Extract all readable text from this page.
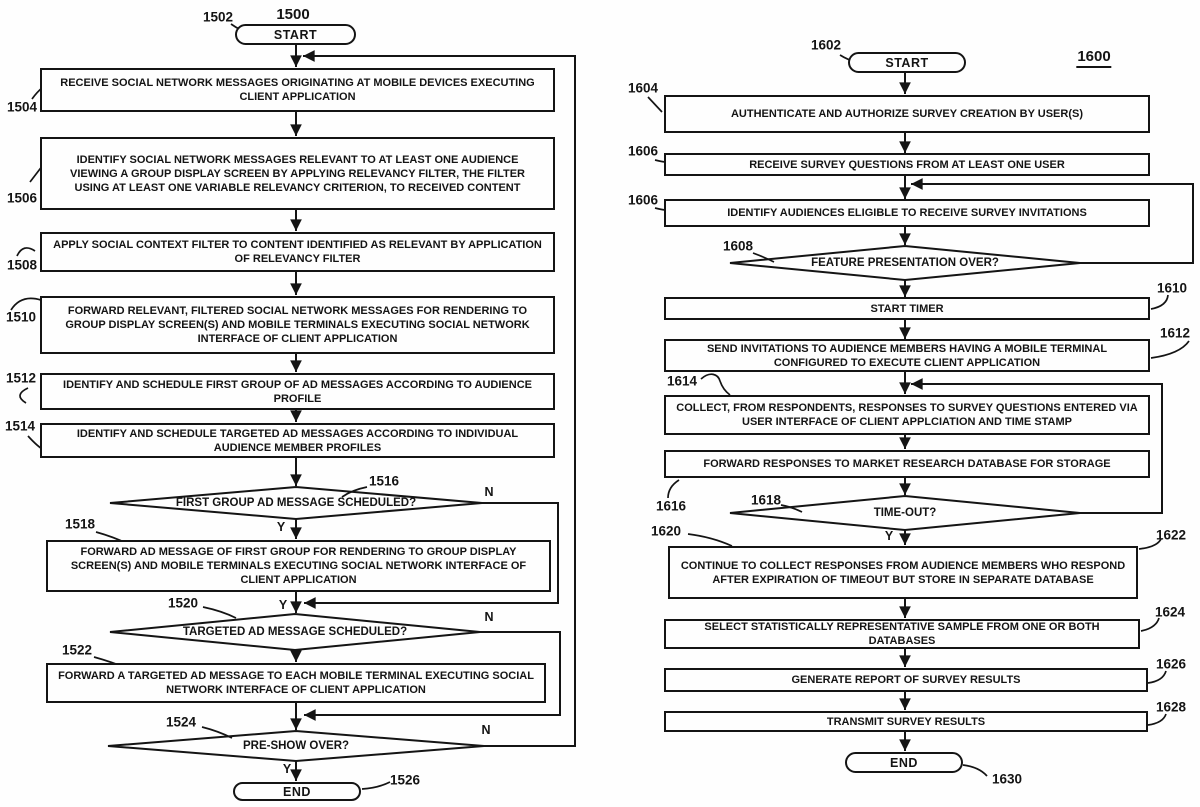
1500
1502
START
RECEIVE SOCIAL NETWORK MESSAGES ORIGINATING AT MOBILE DEVICES EXECUTING CLIENT APPLICATION
1504
IDENTIFY SOCIAL NETWORK MESSAGES RELEVANT TO AT LEAST ONE AUDIENCE VIEWING A GROUP DISPLAY SCREEN BY APPLYING RELEVANCY FILTER, THE FILTER USING AT LEAST ONE VARIABLE RELEVANCY CRITERION, TO RECEIVED CONTENT
1506
APPLY SOCIAL CONTEXT FILTER TO CONTENT IDENTIFIED AS RELEVANT BY APPLICATION OF RELEVANCY FILTER
1508
FORWARD RELEVANT, FILTERED SOCIAL NETWORK MESSAGES FOR RENDERING TO GROUP DISPLAY SCREEN(S) AND MOBILE TERMINALS EXECUTING SOCIAL NETWORK INTERFACE OF CLIENT APPLICATION
1510
IDENTIFY AND SCHEDULE FIRST GROUP OF AD MESSAGES ACCORDING TO AUDIENCE PROFILE
1512
IDENTIFY AND SCHEDULE TARGETED AD MESSAGES ACCORDING TO INDIVIDUAL AUDIENCE MEMBER PROFILES
1514
FIRST GROUP AD MESSAGE SCHEDULED?
1516
N
Y
FORWARD AD MESSAGE OF FIRST GROUP FOR RENDERING TO GROUP DISPLAY SCREEN(S) AND MOBILE TERMINALS EXECUTING SOCIAL NETWORK INTERFACE OF CLIENT APPLICATION
1518
Y
TARGETED AD MESSAGE SCHEDULED?
1520
N
FORWARD A TARGETED AD MESSAGE TO EACH MOBILE TERMINAL EXECUTING SOCIAL NETWORK INTERFACE OF CLIENT APPLICATION
1522
PRE-SHOW OVER?
1524
N
Y
END
1526
1600
1602
START
AUTHENTICATE AND AUTHORIZE SURVEY CREATION BY USER(S)
1604
RECEIVE SURVEY QUESTIONS FROM AT LEAST ONE USER
1606
IDENTIFY AUDIENCES ELIGIBLE TO RECEIVE SURVEY INVITATIONS
1606
FEATURE PRESENTATION OVER?
1608
START TIMER
1610
SEND INVITATIONS TO AUDIENCE MEMBERS HAVING A MOBILE TERMINAL CONFIGURED TO EXECUTE CLIENT APPLICATION
1612
COLLECT, FROM RESPONDENTS, RESPONSES TO SURVEY QUESTIONS ENTERED VIA USER INTERFACE OF CLIENT APPLCIATION AND TIME STAMP
1614
FORWARD RESPONSES TO MARKET RESEARCH DATABASE FOR STORAGE
1616	TIME-OUT?
1618
Y
CONTINUE TO COLLECT RESPONSES FROM AUDIENCE MEMBERS WHO RESPOND AFTER EXPIRATION OF TIMEOUT BUT STORE IN SEPARATE DATABASE
1620	1622
SELECT STATISTICALLY REPRESENTATIVE SAMPLE FROM ONE OR BOTH DATABASES
1624
GENERATE REPORT OF SURVEY RESULTS
1626
TRANSMIT SURVEY RESULTS
1628
END
1630
